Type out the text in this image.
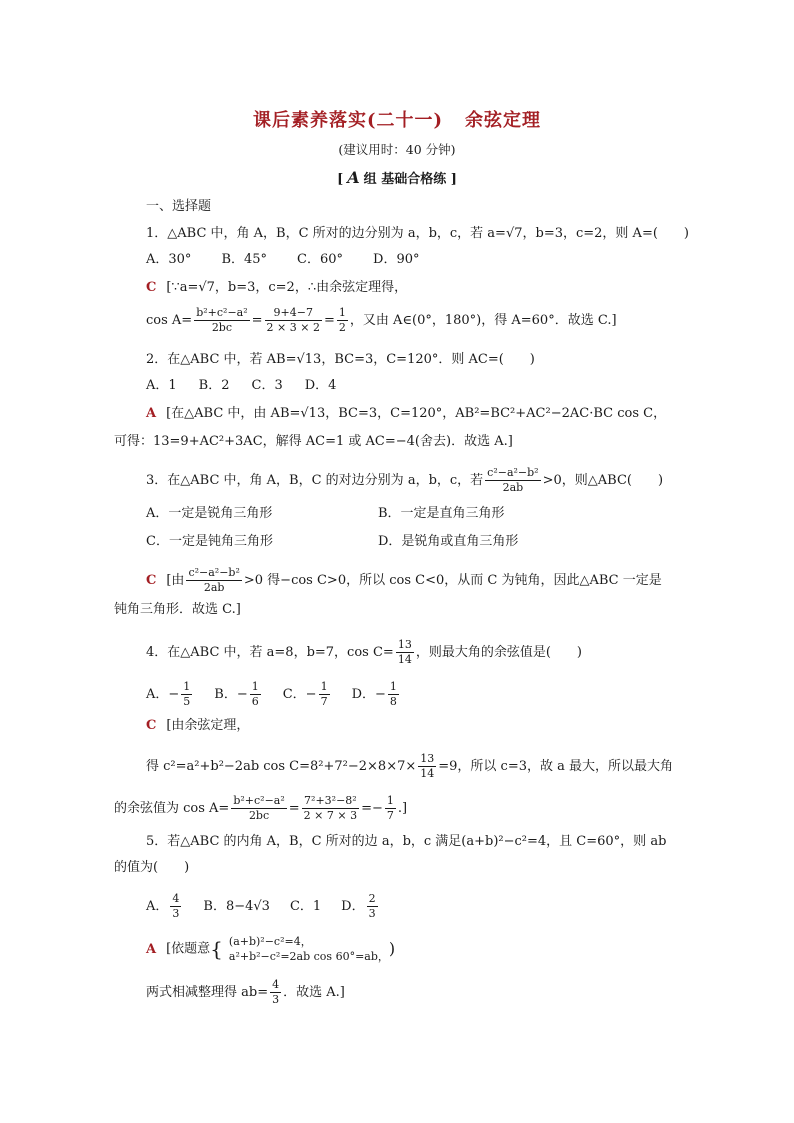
课后素养落实(二十一) 余弦定理
(建议用时：40 分钟)
[ A 组 基础合格练 ]
一、选择题
1．△ABC 中，角 A，B，C 所对的边分别为 a，b，c，若 a=√7，b=3，c=2，则 A=(　　)
A．30° B．45° C．60° D．90°
C [∵a=√7，b=3，c=2，∴由余弦定理得，
$\cos A= \frac{\text{b²+c²−a²}}{2bc} = \frac{9+4-7}{2 \times 3 \times 2} = \frac{1}{2}$ ，又由 A∈(0°，180°)，得 A=60°．故选 C.]
2．在△ABC 中，若 AB=√13，BC=3，C=120°．则 AC=(　　)
A．1 B．2 C．3 D．4
A [在△ABC 中，由 AB=√13，BC=3，C=120°，AB²=BC²+AC²−2AC·BC cos C，
可得：13=9+AC²+3AC，解得 AC=1 或 AC=−4(舍去)．故选 A.]
3．在△ABC 中，角 A，B，C 的对边分别为 a，b，c，若 $\frac{\text{c²−a²−b²}}{2ab} >0$，则△ABC(　　)
A．一定是锐角三角形	B．一定是直角三角形
C．一定是钝角三角形	D．是锐角或直角三角形
C [由 $\frac{\text{c²−a²−b²}}{2ab} >0$ 得−cos C>0，所以 cos C<0，从而 C 为钝角，因此△ABC 一定是
钝角三角形．故选 C.]
4．在△ABC 中，若 a=8，b=7，$\cos C= \frac{13}{14}$ ，则最大角的余弦值是(　　)
A．− $\frac{1}{5}$ B．− $\frac{1}{6}$ C．− $\frac{1}{7}$ D．− $\frac{1}{8}$
C [由余弦定理，
得 c²=a²+b²−2ab $\cos C=8^2+7^2-2\times 8\times 7\times \frac{13}{14} =9$，所以 c=3，故 a 最大，所以最大角
的余弦值为 $\cos A= \frac{\text{b²+c²−a²}}{2bc} = \frac{\text{7²+3²−8²}}{2 \times 7 \times 3} =- \frac{1}{7}$ .]
5．若△ABC 的内角 A，B，C 所对的边 a，b，c 满足(a+b)²−c²=4，且 C=60°，则 ab
的值为(　　)
A． $\frac{4}{3}$ B．8−4√3 C．1 D． $\frac{2}{3}$
A [依题意{ (a+b)²−c²=4，
a²+b²−c²=2ab cos 60°=ab， )
两式相减整理得 $ab= \frac{4}{3}$ ．故选 A.]
